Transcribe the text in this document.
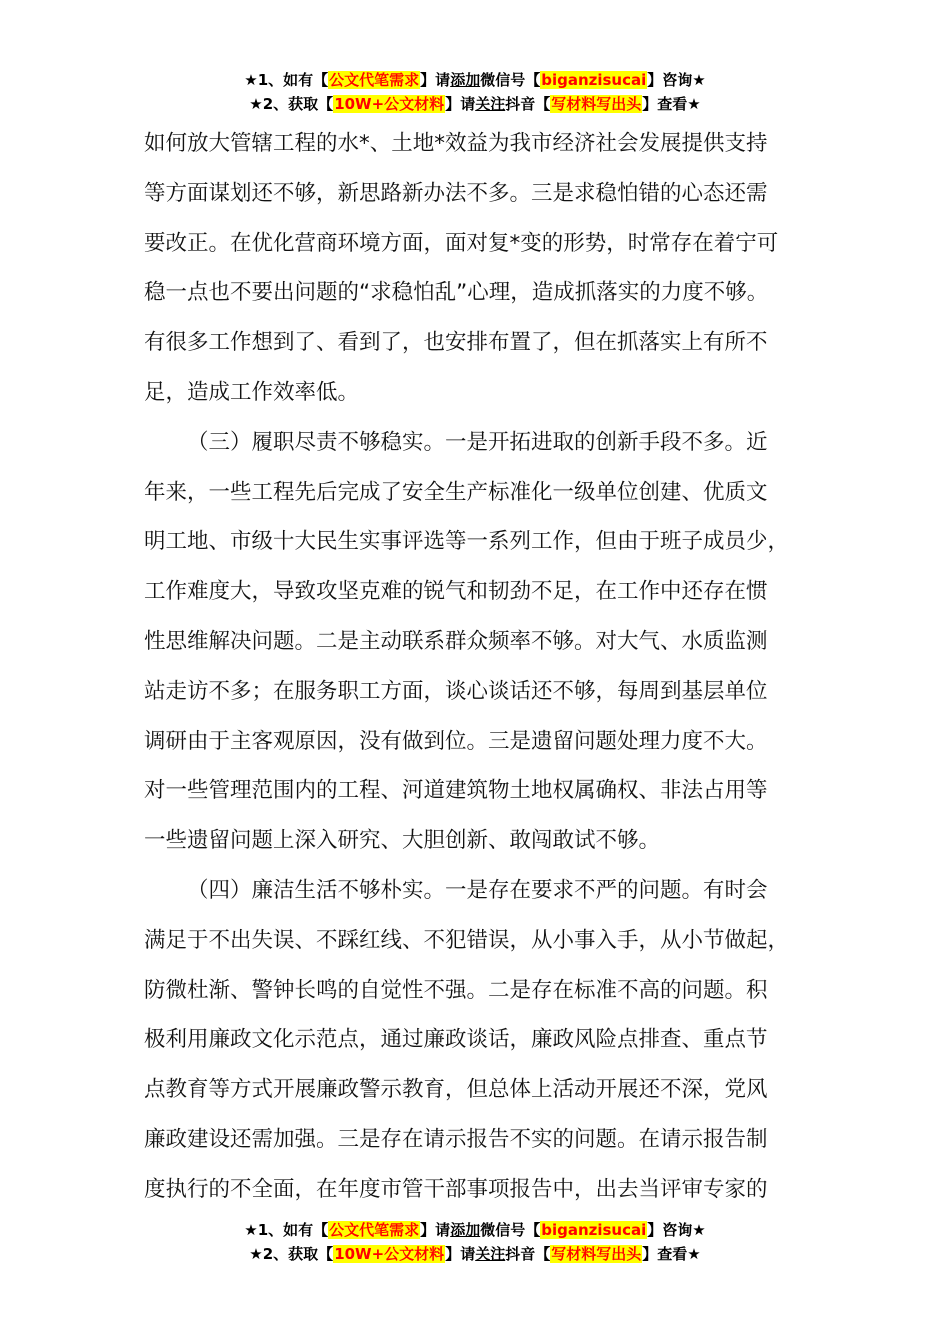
★1、如有【公文代笔需求】请添加微信号【biganzisucai】咨询★
★2、获取【10W+公文材料】请关注抖音【写材料写出头】查看★
如何放大管辖工程的水*、土地*效益为我市经济社会发展提供支持
等方面谋划还不够，新思路新办法不多。三是求稳怕错的心态还需
要改正。在优化营商环境方面，面对复*变的形势，时常存在着宁可
稳一点也不要出问题的“求稳怕乱”心理，造成抓落实的力度不够。
有很多工作想到了、看到了，也安排布置了，但在抓落实上有所不
足，造成工作效率低。
（三）履职尽责不够稳实。一是开拓进取的创新手段不多。近
年来，一些工程先后完成了安全生产标准化一级单位创建、优质文
明工地、市级十大民生实事评选等一系列工作，但由于班子成员少，
工作难度大，导致攻坚克难的锐气和韧劲不足，在工作中还存在惯
性思维解决问题。二是主动联系群众频率不够。对大气、水质监测
站走访不多；在服务职工方面，谈心谈话还不够，每周到基层单位
调研由于主客观原因，没有做到位。三是遗留问题处理力度不大。
对一些管理范围内的工程、河道建筑物土地权属确权、非法占用等
一些遗留问题上深入研究、大胆创新、敢闯敢试不够。
（四）廉洁生活不够朴实。一是存在要求不严的问题。有时会
满足于不出失误、不踩红线、不犯错误，从小事入手，从小节做起，
防微杜渐、警钟长鸣的自觉性不强。二是存在标准不高的问题。积
极利用廉政文化示范点，通过廉政谈话，廉政风险点排查、重点节
点教育等方式开展廉政警示教育，但总体上活动开展还不深，党风
廉政建设还需加强。三是存在请示报告不实的问题。在请示报告制
度执行的不全面，在年度市管干部事项报告中，出去当评审专家的
★1、如有【公文代笔需求】请添加微信号【biganzisucai】咨询★
★2、获取【10W+公文材料】请关注抖音【写材料写出头】查看★
